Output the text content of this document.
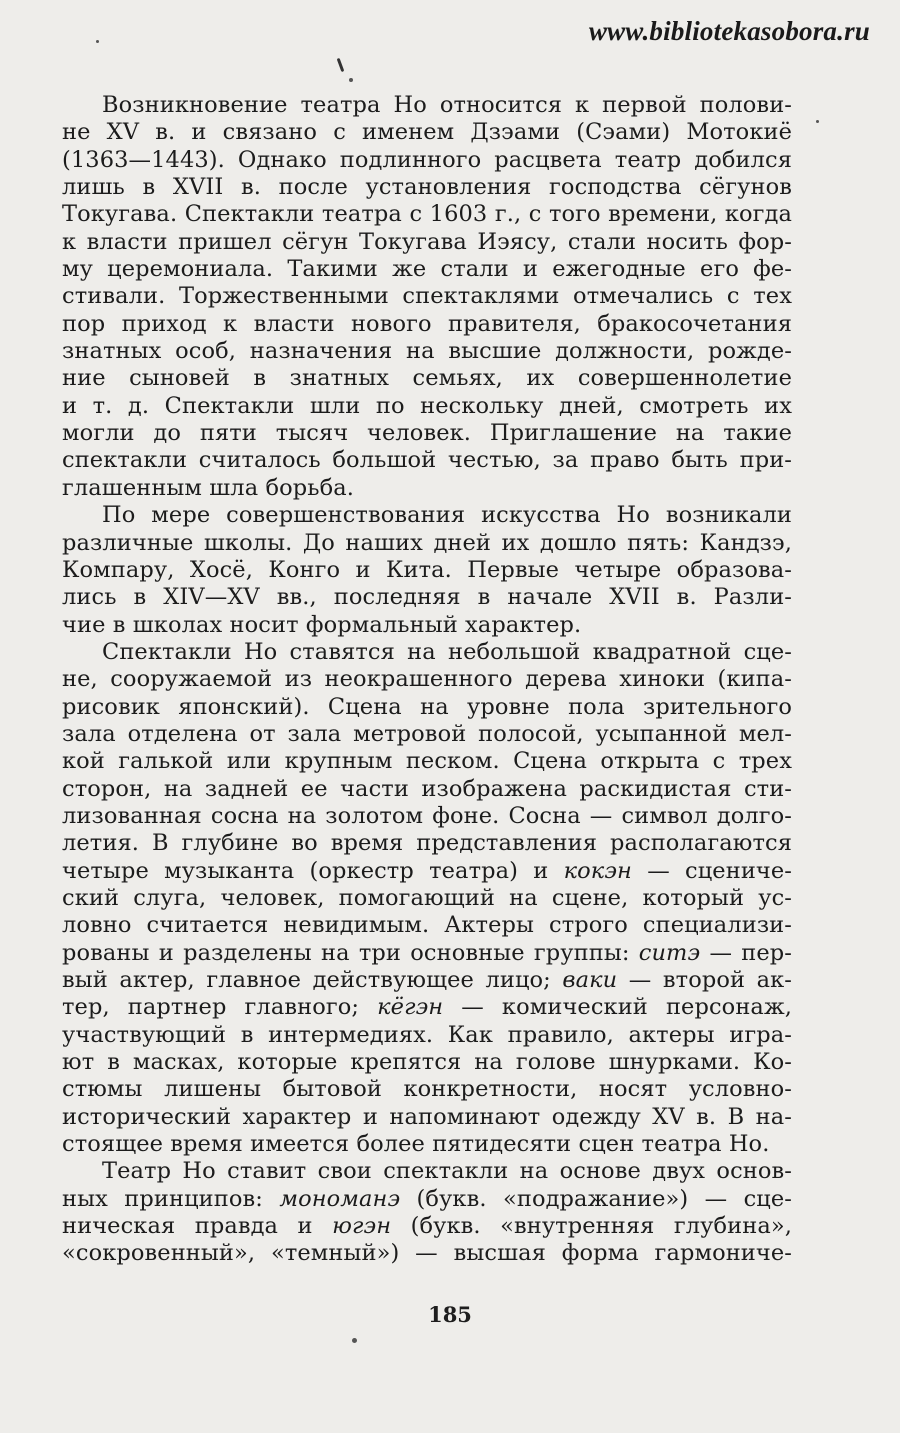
www.bibliotekasobora.ru
Возникновение театра Но относится к первой полови-
не XV в. и связано с именем Дзэами (Сэами) Мотокиё
(1363—1443). Однако подлинного расцвета театр добился
лишь в XVII в. после установления господства сёгунов
Токугава. Спектакли театра с 1603 г., с того времени, когда
к власти пришел сёгун Токугава Иэясу, стали носить фор-
му церемониала. Такими же стали и ежегодные его фе-
стивали. Торжественными спектаклями отмечались с тех
пор приход к власти нового правителя, бракосочетания
знатных особ, назначения на высшие должности, рожде-
ние сыновей в знатных семьях, их совершеннолетие
и т. д. Спектакли шли по нескольку дней, смотреть их
могли до пяти тысяч человек. Приглашение на такие
спектакли считалось большой честью, за право быть при-
глашенным шла борьба.
По мере совершенствования искусства Но возникали
различные школы. До наших дней их дошло пять: Кандзэ,
Компару, Хосё, Конго и Кита. Первые четыре образова-
лись в XIV—XV вв., последняя в начале XVII в. Разли-
чие в школах носит формальный характер.
Спектакли Но ставятся на небольшой квадратной сце-
не, сооружаемой из неокрашенного дерева хиноки (кипа-
рисовик японский). Сцена на уровне пола зрительного
зала отделена от зала метровой полосой, усыпанной мел-
кой галькой или крупным песком. Сцена открыта с трех
сторон, на задней ее части изображена раскидистая сти-
лизованная сосна на золотом фоне. Сосна — символ долго-
летия. В глубине во время представления располагаются
четыре музыканта (оркестр театра) и кокэн — сцениче-
ский слуга, человек, помогающий на сцене, который ус-
ловно считается невидимым. Актеры строго специализи-
рованы и разделены на три основные группы: ситэ — пер-
вый актер, главное действующее лицо; ваки — второй ак-
тер, партнер главного; кёгэн — комический персонаж,
участвующий в интермедиях. Как правило, актеры игра-
ют в масках, которые крепятся на голове шнурками. Ко-
стюмы лишены бытовой конкретности, носят условно-
исторический характер и напоминают одежду XV в. В на-
стоящее время имеется более пятидесяти сцен театра Но.
Театр Но ставит свои спектакли на основе двух основ-
ных принципов: мономанэ (букв. «подражание») — сце-
ническая правда и югэн (букв. «внутренняя глубина»,
«сокровенный», «темный») — высшая форма гармониче-
185
